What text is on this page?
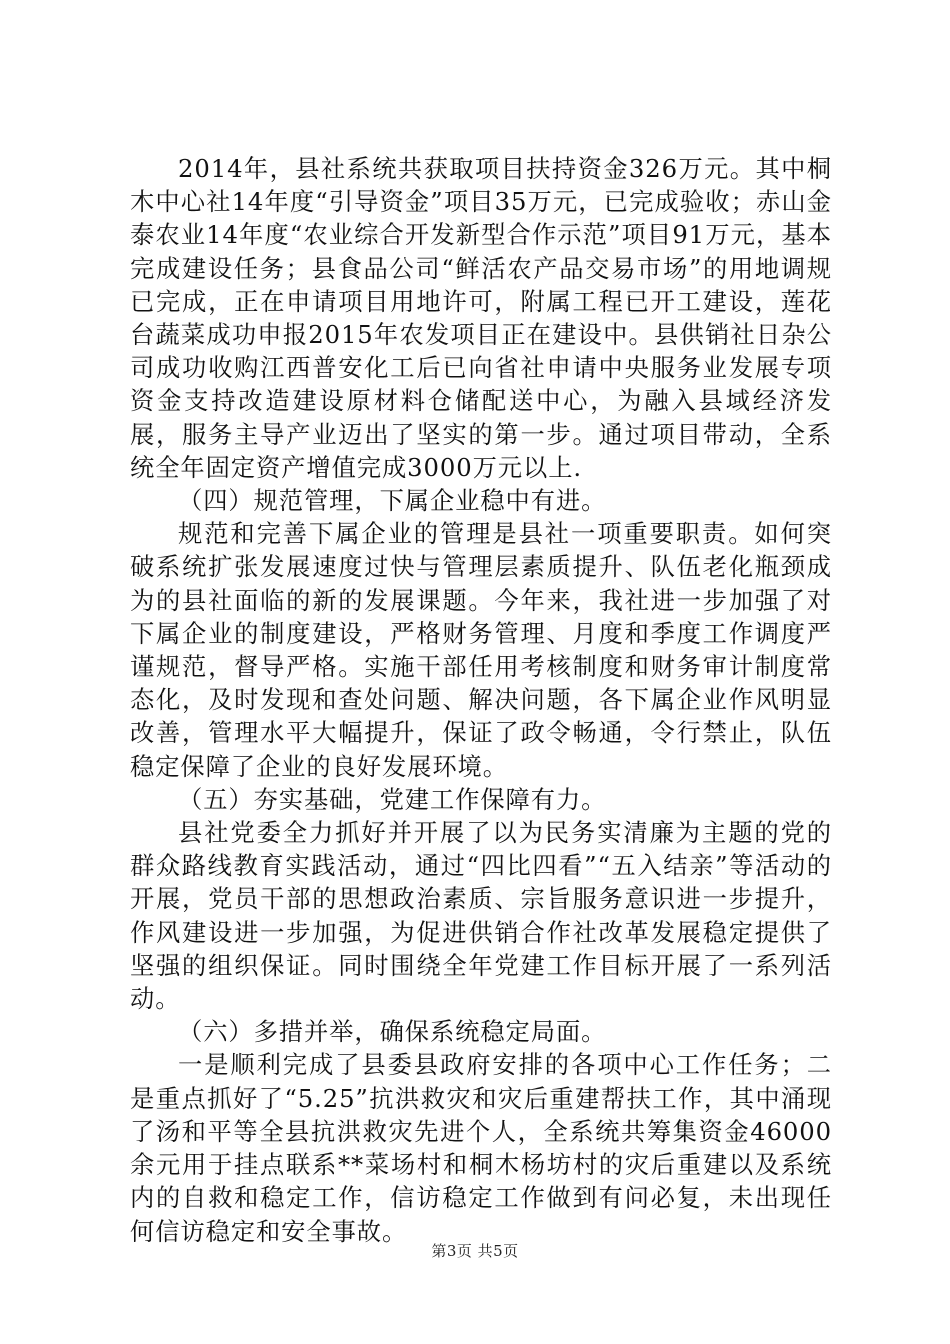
2014年，县社系统共获取项目扶持资金326万元。其中桐木中心社14年度“引导资金”项目35万元，已完成验收；赤山金泰农业14年度“农业综合开发新型合作示范”项目91万元，基本完成建设任务；县食品公司“鲜活农产品交易市场”的用地调规已完成，正在申请项目用地许可，附属工程已开工建设，莲花台蔬菜成功申报2015年农发项目正在建设中。县供销社日杂公司成功收购江西普安化工后已向省社申请中央服务业发展专项资金支持改造建设原材料仓储配送中心，为融入县域经济发展，服务主导产业迈出了坚实的第一步。通过项目带动，全系统全年固定资产增值完成3000万元以上.

（四）规范管理，下属企业稳中有进。

规范和完善下属企业的管理是县社一项重要职责。如何突破系统扩张发展速度过快与管理层素质提升、队伍老化瓶颈成为的县社面临的新的发展课题。今年来，我社进一步加强了对下属企业的制度建设，严格财务管理、月度和季度工作调度严谨规范，督导严格。实施干部任用考核制度和财务审计制度常态化，及时发现和查处问题、解决问题，各下属企业作风明显改善，管理水平大幅提升，保证了政令畅通，令行禁止，队伍稳定保障了企业的良好发展环境。

（五）夯实基础，党建工作保障有力。

县社党委全力抓好并开展了以为民务实清廉为主题的党的群众路线教育实践活动，通过“四比四看”“五入结亲”等活动的开展，党员干部的思想政治素质、宗旨服务意识进一步提升，作风建设进一步加强，为促进供销合作社改革发展稳定提供了坚强的组织保证。同时围绕全年党建工作目标开展了一系列活动。

（六）多措并举，确保系统稳定局面。

一是顺利完成了县委县政府安排的各项中心工作任务；二是重点抓好了“5.25”抗洪救灾和灾后重建帮扶工作，其中涌现了汤和平等全县抗洪救灾先进个人，全系统共筹集资金46000余元用于挂点联系**菜场村和桐木杨坊村的灾后重建以及系统内的自救和稳定工作，信访稳定工作做到有问必复，未出现任何信访稳定和安全事故。

第3页 共5页
